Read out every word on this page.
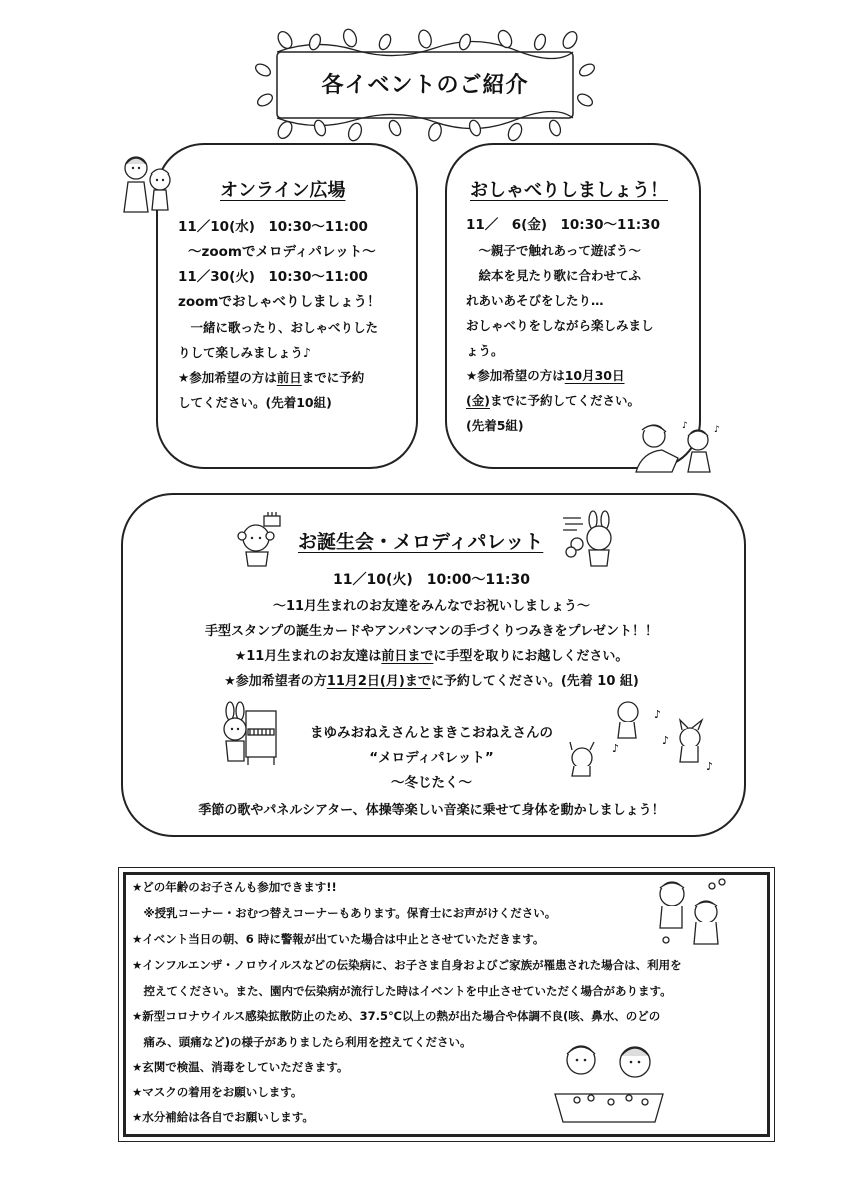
各イベントのご紹介
オンライン広場
11／10(水)　10:30～11:00
～zoomでメロディパレット～
11／30(火)　10:30～11:00
zoomでおしゃべりしましょう！
　一緒に歌ったり、おしゃべりした
りして楽しみましょう♪
★参加希望の方は前日までに予約
してください。(先着10組)
おしゃべりしましょう！
11／　6(金)　10:30～11:30
　～親子で触れあって遊ぼう～
　絵本を見たり歌に合わせてふ
れあいあそびをしたり…
おしゃべりをしながら楽しみまし
ょう。
★参加希望の方は10月30日
(金)までに予約してください。
(先着5組)	♪	♪
お誕生会・メロディパレット
11／10(火)　10:00～11:30
～11月生まれのお友達をみんなでお祝いしましょう～
手型スタンプの誕生カードやアンパンマンの手づくりつみきをプレゼント！！
★11月生まれのお友達は前日までに手型を取りにお越しください。
★参加希望者の方11月2日(月)までに予約してください。(先着 10 組)
まゆみおねえさんとまきこおねえさんの
“メロディパレット”
～冬じたく～
♪
♪
♪
♪
季節の歌やパネルシアター、体操等楽しい音楽に乗せて身体を動かしましょう！
★どの年齢のお子さんも参加できます!!
　※授乳コーナー・おむつ替えコーナーもあります。保育士にお声がけください。
★イベント当日の朝、6 時に警報が出ていた場合は中止とさせていただきます。
★インフルエンザ・ノロウイルスなどの伝染病に、お子さま自身およびご家族が罹患された場合は、利用を
　控えてください。また、園内で伝染病が流行した時はイベントを中止させていただく場合があります。
★新型コロナウイルス感染拡散防止のため、37.5℃以上の熱が出た場合や体調不良(咳、鼻水、のどの
　痛み、頭痛など)の様子がありましたら利用を控えてください。
★玄関で検温、消毒をしていただきます。
★マスクの着用をお願いします。
★水分補給は各自でお願いします。
